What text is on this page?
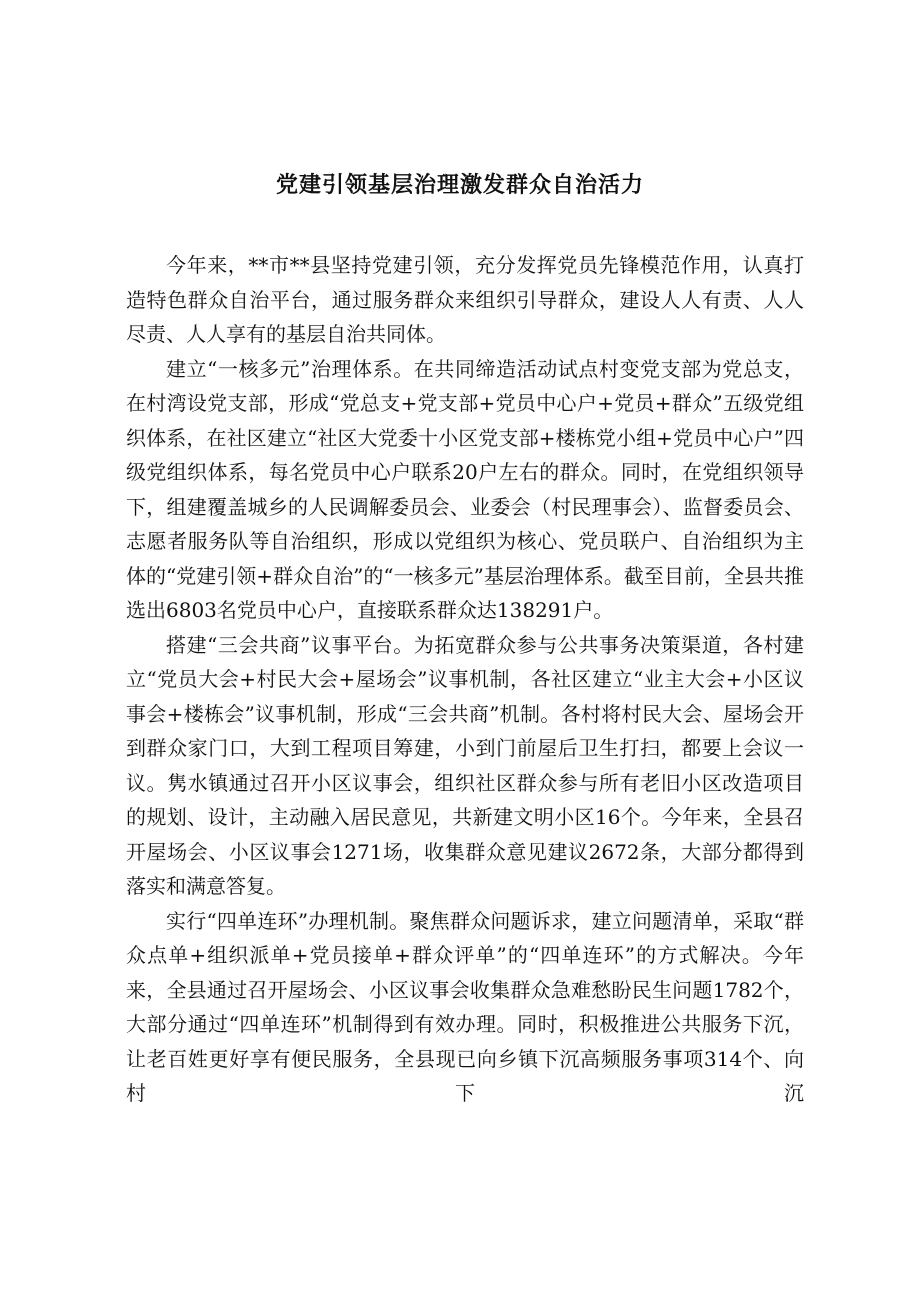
党建引领基层治理激发群众自治活力

今年来，**市**县坚持党建引领，充分发挥党员先锋模范作用，认真打造特色群众自治平台，通过服务群众来组织引导群众，建设人人有责、人人尽责、人人享有的基层自治共同体。

建立“一核多元”治理体系。在共同缔造活动试点村变党支部为党总支，在村湾设党支部，形成“党总支+党支部+党员中心户+党员+群众”五级党组织体系，在社区建立“社区大党委十小区党支部+楼栋党小组+党员中心户”四级党组织体系，每名党员中心户联系20户左右的群众。同时，在党组织领导下，组建覆盖城乡的人民调解委员会、业委会（村民理事会）、监督委员会、志愿者服务队等自治组织，形成以党组织为核心、党员联户、自治组织为主体的“党建引领+群众自治”的“一核多元”基层治理体系。截至目前，全县共推选出6803名党员中心户，直接联系群众达138291户。

搭建“三会共商”议事平台。为拓宽群众参与公共事务决策渠道，各村建立“党员大会+村民大会+屋场会”议事机制，各社区建立“业主大会+小区议事会+楼栋会”议事机制，形成“三会共商”机制。各村将村民大会、屋场会开到群众家门口，大到工程项目筹建，小到门前屋后卫生打扫，都要上会议一议。隽水镇通过召开小区议事会，组织社区群众参与所有老旧小区改造项目的规划、设计，主动融入居民意见，共新建文明小区16个。今年来，全县召开屋场会、小区议事会1271场，收集群众意见建议2672条，大部分都得到落实和满意答复。

实行“四单连环”办理机制。聚焦群众问题诉求，建立问题清单，采取“群众点单+组织派单+党员接单+群众评单”的“四单连环”的方式解决。今年来，全县通过召开屋场会、小区议事会收集群众急难愁盼民生问题1782个，大部分通过“四单连环”机制得到有效办理。同时，积极推进公共服务下沉，让老百姓更好享有便民服务，全县现已向乡镇下沉高频服务事项314个、向村下沉
